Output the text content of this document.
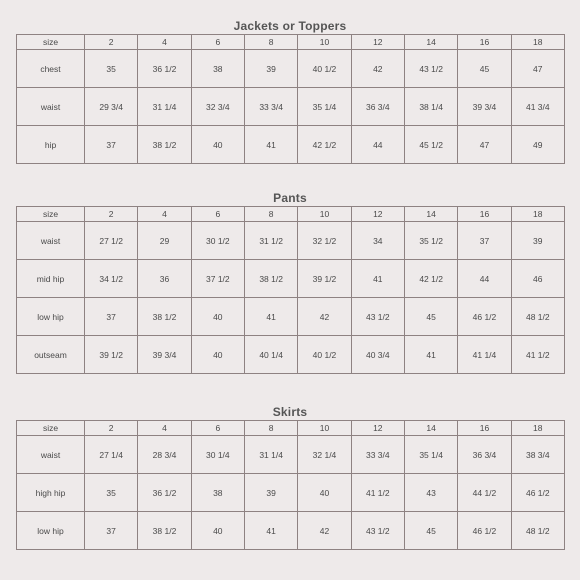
Jackets or Toppers
size	2	4	6	8	10	12	14	16	18
chest	35	36 1/2	38	39	40 1/2	42	43 1/2	45	47
waist	29 3/4	31 1/4	32 3/4	33 3/4	35 1/4	36 3/4	38 1/4	39 3/4	41 3/4
hip	37	38 1/2	40	41	42 1/2	44	45 1/2	47	49
Pants
size	2	4	6	8	10	12	14	16	18
waist	27 1/2	29	30 1/2	31 1/2	32 1/2	34	35 1/2	37	39
mid hip	34 1/2	36	37 1/2	38 1/2	39 1/2	41	42 1/2	44	46
low hip	37	38 1/2	40	41	42	43 1/2	45	46 1/2	48 1/2
outseam	39 1/2	39 3/4	40	40 1/4	40 1/2	40 3/4	41	41 1/4	41 1/2
Skirts
size	2	4	6	8	10	12	14	16	18
waist	27 1/4	28 3/4	30 1/4	31 1/4	32 1/4	33 3/4	35 1/4	36 3/4	38 3/4
high hip	35	36 1/2	38	39	40	41 1/2	43	44 1/2	46 1/2
low hip	37	38 1/2	40	41	42	43 1/2	45	46 1/2	48 1/2
